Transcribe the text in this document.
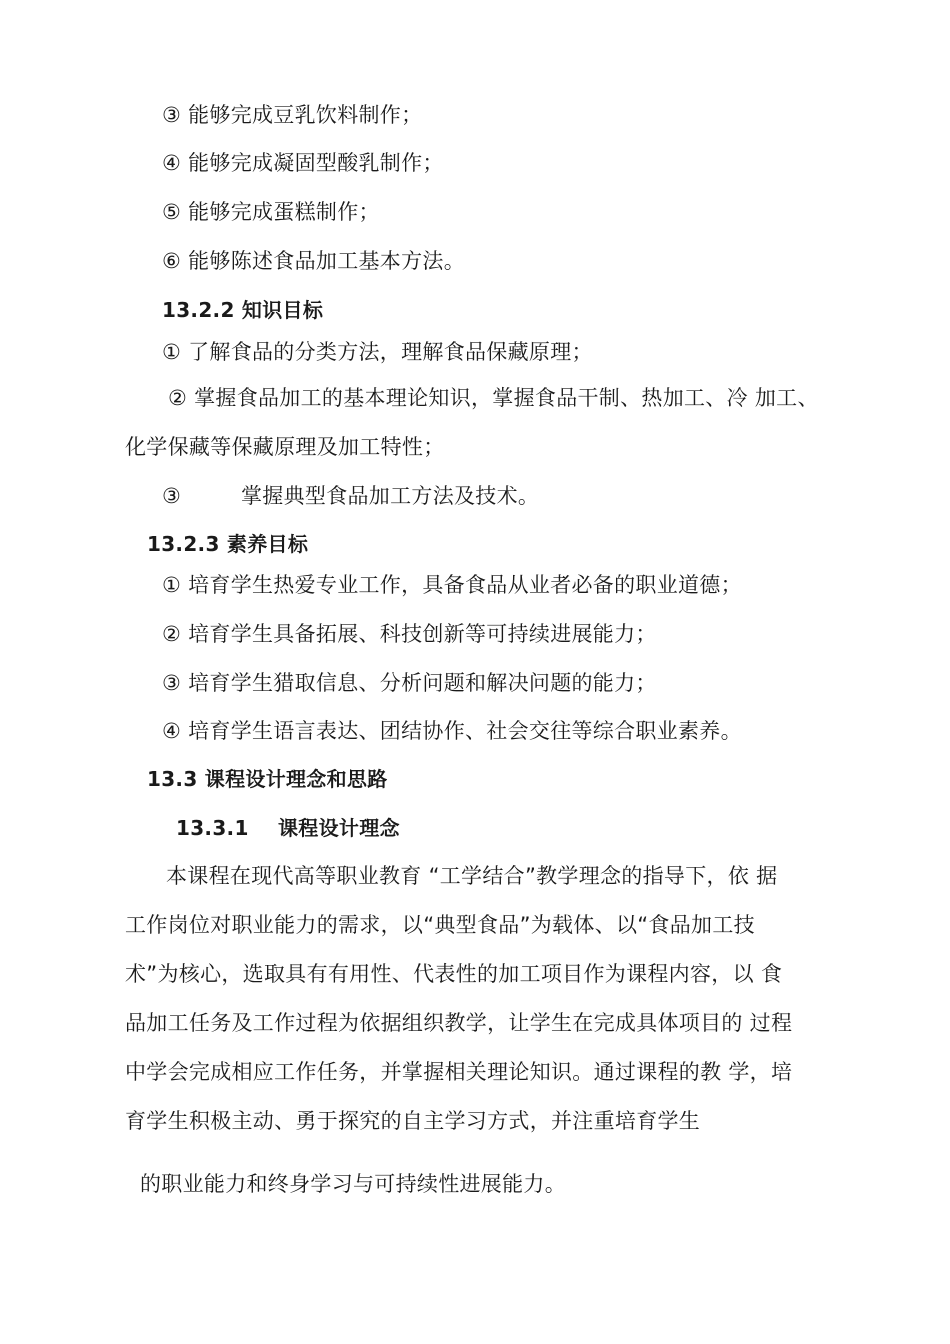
③ 能够完成豆乳饮料制作；
④ 能够完成凝固型酸乳制作；
⑤ 能够完成蛋糕制作；
⑥ 能够陈述食品加工基本方法。
13.2.2 知识目标
① 了解食品的分类方法，理解食品保藏原理；
② 掌握食品加工的基本理论知识，掌握食品干制、热加工、冷 加工、
化学保藏等保藏原理及加工特性；
③	掌握典型食品加工方法及技术。
13.2.3 素养目标
① 培育学生热爱专业工作，具备食品从业者必备的职业道德；
② 培育学生具备拓展、科技创新等可持续进展能力；
③ 培育学生猎取信息、分析问题和解决问题的能力；
④ 培育学生语言表达、团结协作、社会交往等综合职业素养。
13.3 课程设计理念和思路
13.3.1 课程设计理念
本课程在现代高等职业教育 “工学结合”教学理念的指导下，依 据
工作岗位对职业能力的需求，以“典型食品”为载体、以“食品加工技
术”为核心，选取具有有用性、代表性的加工项目作为课程内容，以 食
品加工任务及工作过程为依据组织教学，让学生在完成具体项目的 过程
中学会完成相应工作任务，并掌握相关理论知识。通过课程的教 学，培
育学生积极主动、勇于探究的自主学习方式，并注重培育学生
的职业能力和终身学习与可持续性进展能力。
